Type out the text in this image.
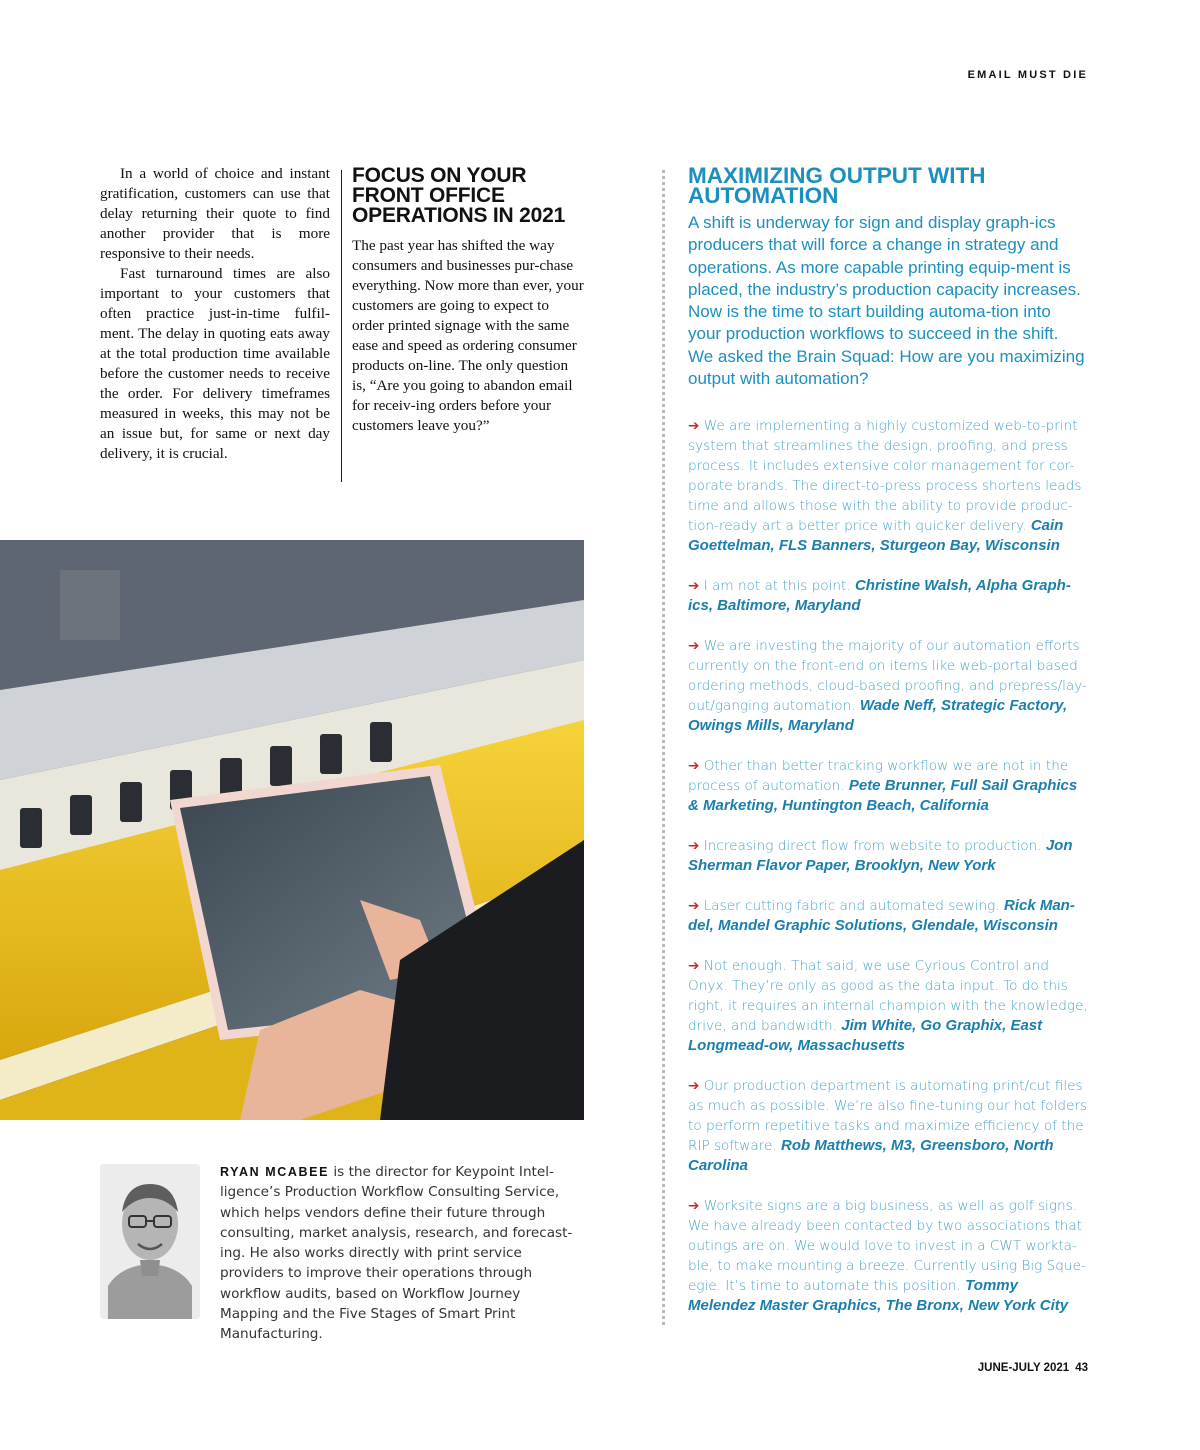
EMAIL MUST DIE

In a world of choice and instant gratification, customers can use that delay returning their quote to find another provider that is more responsive to their needs.

Fast turnaround times are also important to your customers that often practice just-in-time fulfil-ment. The delay in quoting eats away at the total production time available before the customer needs to receive the order. For delivery timeframes measured in weeks, this may not be an issue but, for same or next day delivery, it is crucial.

FOCUS ON YOUR FRONT OFFICE OPERATIONS IN 2021

The past year has shifted the way consumers and businesses pur-chase everything. Now more than ever, your customers are going to expect to order printed signage with the same ease and speed as ordering consumer products on-line. The only question is, “Are you going to abandon email for receiv-ing orders before your customers leave you?”

MAXIMIZING OUTPUT WITH AUTOMATION

A shift is underway for sign and display graph-ics producers that will force a change in strategy and operations. As more capable printing equip-ment is placed, the industry’s production capacity increases. Now is the time to start building automa-tion into your production workflows to succeed in the shift. We asked the Brain Squad: How are you maximizing output with automation?

➔ We are implementing a highly customized web-to-print system that streamlines the design, proofing, and press process. It includes extensive color management for cor-porate brands. The direct-to-press process shortens leads time and allows those with the ability to provide produc-tion-ready art a better price with quicker delivery. Cain Goettelman, FLS Banners, Sturgeon Bay, Wisconsin

➔ I am not at this point. Christine Walsh, Alpha Graph-ics, Baltimore, Maryland

➔ We are investing the majority of our automation efforts currently on the front-end on items like web-portal based ordering methods, cloud-based proofing, and prepress/lay-out/ganging automation. Wade Neff, Strategic Factory, Owings Mills, Maryland

➔ Other than better tracking workflow we are not in the process of automation. Pete Brunner, Full Sail Graphics & Marketing, Huntington Beach, California

➔ Increasing direct flow from website to production. Jon Sherman Flavor Paper, Brooklyn, New York

➔ Laser cutting fabric and automated sewing. Rick Man-del, Mandel Graphic Solutions, Glendale, Wisconsin

➔ Not enough. That said, we use Cyrious Control and Onyx. They’re only as good as the data input. To do this right, it requires an internal champion with the knowledge, drive, and bandwidth. Jim White, Go Graphix, East Longmead-ow, Massachusetts

➔ Our production department is automating print/cut files as much as possible. We’re also fine-tuning our hot folders to perform repetitive tasks and maximize efficiency of the RIP software. Rob Matthews, M3, Greensboro, North Carolina

➔ Worksite signs are a big business, as well as golf signs. We have already been contacted by two associations that outings are on. We would love to invest in a CWT workta-ble, to make mounting a breeze. Currently using Big Sque-egie. It’s time to automate this position. Tommy Melendez Master Graphics, The Bronx, New York City

RYAN MCABEE is the director for Keypoint Intel-ligence’s Production Workflow Consulting Service, which helps vendors define their future through consulting, market analysis, research, and forecast-ing. He also works directly with print service providers to improve their operations through workflow audits, based on Workflow Journey Mapping and the Five Stages of Smart Print Manufacturing.
JUNE-JULY 2021 43
